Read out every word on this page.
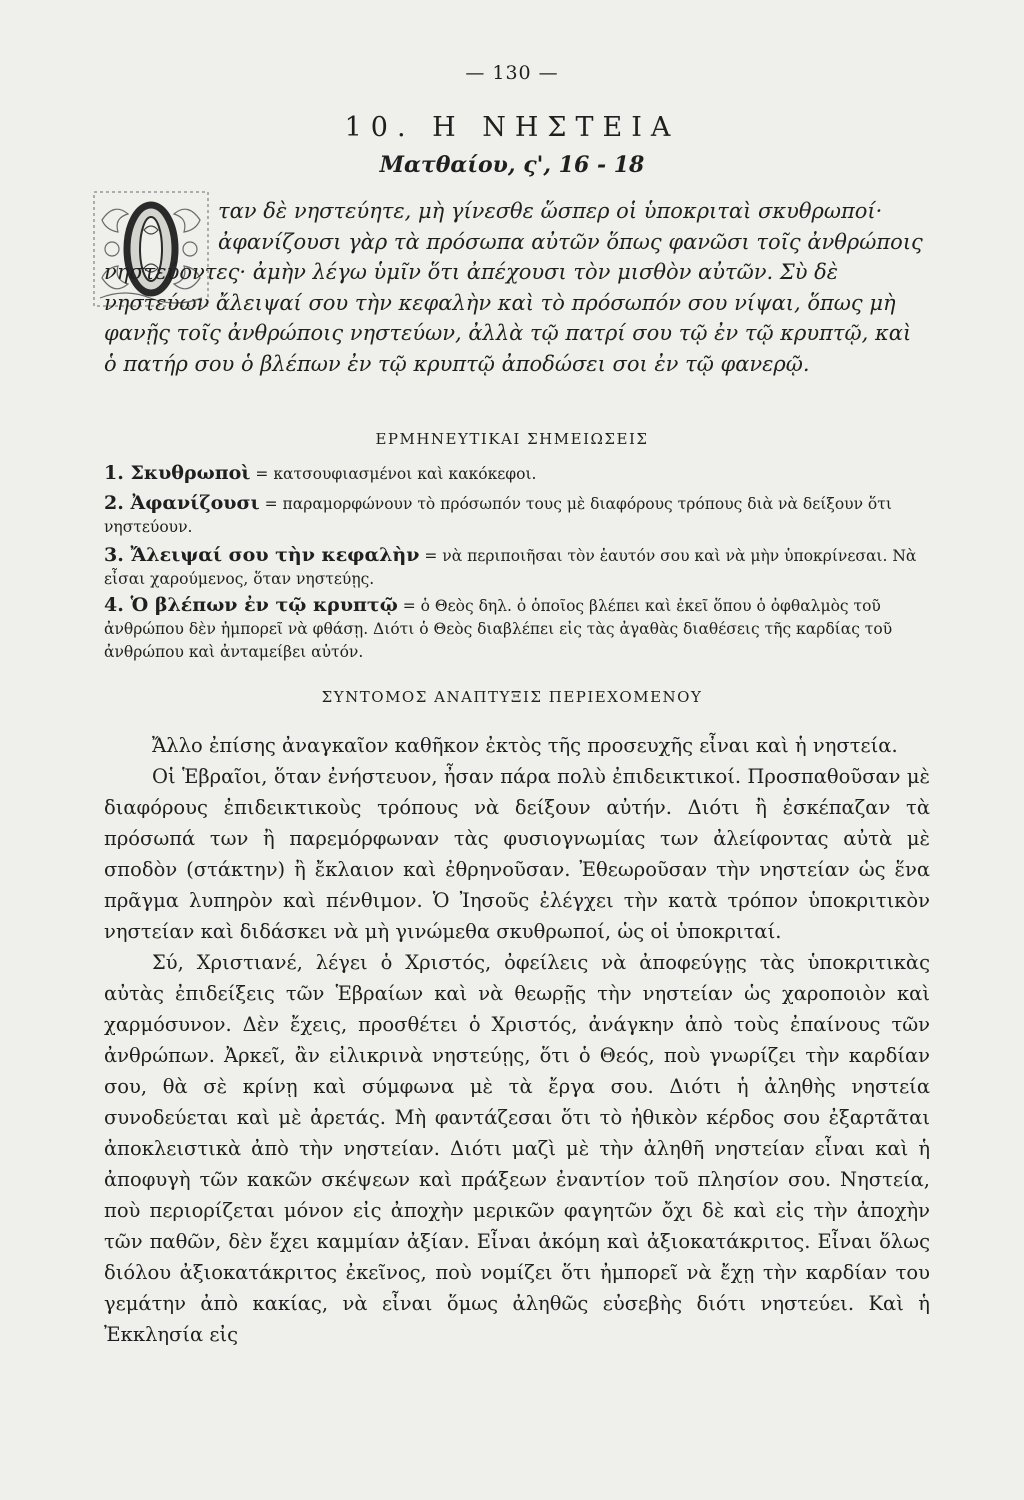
— 130 —
10. Η ΝΗΣΤΕΙΑ
Ματθαίου, ς', 16 - 18
ταν δὲ νηστεύητε, μὴ γίνεσθε ὥσπερ οἱ ὑποκριταὶ σκυθρωποί·
ἀφανίζουσι γὰρ τὰ πρόσωπα αὐτῶν ὅπως φανῶσι τοῖς ἀνθρώποις νηστεύοντες· ἀμὴν λέγω ὑμῖν ὅτι ἀπέχουσι τὸν μισθὸν αὐτῶν. Σὺ δὲ νηστεύων ἄλειψαί σου τὴν κεφαλὴν καὶ τὸ πρόσωπόν σου νίψαι, ὅπως μὴ φανῇς τοῖς ἀνθρώποις νηστεύων, ἀλλὰ τῷ πατρί σου τῷ ἐν τῷ κρυπτῷ, καὶ ὁ πατήρ σου ὁ βλέπων ἐν τῷ κρυπτῷ ἀποδώσει σοι ἐν τῷ φανερῷ.
ΕΡΜΗΝΕΥΤΙΚΑΙ ΣΗΜΕΙΩΣΕΙΣ
1. Σκυθρωποὶ = κατσουφιασμένοι καὶ κακόκεφοι.
2. Ἀφανίζουσι = παραμορφώνουν τὸ πρόσωπόν τους μὲ διαφόρους τρόπους διὰ νὰ δείξουν ὅτι νηστεύουν.
3. Ἄλειψαί σου τὴν κεφαλὴν = νὰ περιποιῆσαι τὸν ἑαυτόν σου καὶ νὰ μὴν ὑποκρίνεσαι. Νὰ εἶσαι χαρούμενος, ὅταν νηστεύῃς.
4. Ὁ βλέπων ἐν τῷ κρυπτῷ = ὁ Θεὸς δηλ. ὁ ὁποῖος βλέπει καὶ ἐκεῖ ὅπου ὁ ὀφθαλμὸς τοῦ ἀνθρώπου δὲν ἠμπορεῖ νὰ φθάσῃ. Διότι ὁ Θεὸς διαβλέπει εἰς τὰς ἀγαθὰς διαθέσεις τῆς καρδίας τοῦ ἀνθρώπου καὶ ἀνταμείβει αὐτόν.
ΣΥΝΤΟΜΟΣ ΑΝΑΠΤΥΞΙΣ ΠΕΡΙΕΧΟΜΕΝΟΥ

Ἄλλο ἐπίσης ἀναγκαῖον καθῆκον ἐκτὸς τῆς προσευχῆς εἶναι καὶ ἡ νηστεία.

Οἱ Ἑβραῖοι, ὅταν ἐνήστευον, ἦσαν πάρα πολὺ ἐπιδεικτικοί. Προσπαθοῦσαν μὲ διαφόρους ἐπιδεικτικοὺς τρόπους νὰ δείξουν αὐτήν. Διότι ἢ ἐσκέπαζαν τὰ πρόσωπά των ἢ παρεμόρφωναν τὰς φυσιογνωμίας των ἀλείφοντας αὐτὰ μὲ σποδὸν (στάκτην) ἢ ἔκλαιον καὶ ἐθρηνοῦσαν. Ἐθεωροῦσαν τὴν νηστείαν ὡς ἕνα πρᾶγμα λυπηρὸν καὶ πένθιμον. Ὁ Ἰησοῦς ἐλέγχει τὴν κατὰ τρόπον ὑποκριτικὸν νηστείαν καὶ διδάσκει νὰ μὴ γινώμεθα σκυθρωποί, ὡς οἱ ὑποκριταί.

Σύ, Χριστιανέ, λέγει ὁ Χριστός, ὀφείλεις νὰ ἀποφεύγῃς τὰς ὑποκριτικὰς αὐτὰς ἐπιδείξεις τῶν Ἑβραίων καὶ νὰ θεωρῇς τὴν νηστείαν ὡς χαροποιὸν καὶ χαρμόσυνον. Δὲν ἔχεις, προσθέτει ὁ Χριστός, ἀνάγκην ἀπὸ τοὺς ἐπαίνους τῶν ἀνθρώπων. Ἀρκεῖ, ἂν εἰλικρινὰ νηστεύῃς, ὅτι ὁ Θεός, ποὺ γνωρίζει τὴν καρδίαν σου, θὰ σὲ κρίνῃ καὶ σύμφωνα μὲ τὰ ἔργα σου. Διότι ἡ ἀληθὴς νηστεία συνοδεύεται καὶ μὲ ἀρετάς. Μὴ φαντάζεσαι ὅτι τὸ ἠθικὸν κέρδος σου ἐξαρτᾶται ἀποκλειστικὰ ἀπὸ τὴν νηστείαν. Διότι μαζὶ μὲ τὴν ἀληθῆ νηστείαν εἶναι καὶ ἡ ἀποφυγὴ τῶν κακῶν σκέψεων καὶ πράξεων ἐναντίον τοῦ πλησίον σου. Νηστεία, ποὺ περιορίζεται μόνον εἰς ἀποχὴν μερικῶν φαγητῶν ὄχι δὲ καὶ εἰς τὴν ἀποχὴν τῶν παθῶν, δὲν ἔχει καμμίαν ἀξίαν. Εἶναι ἀκόμη καὶ ἀξιοκατάκριτος. Εἶναι ὅλως διόλου ἀξιοκατάκριτος ἐκεῖνος, ποὺ νομίζει ὅτι ἠμπορεῖ νὰ ἔχῃ τὴν καρδίαν του γεμάτην ἀπὸ κακίας, νὰ εἶναι ὅμως ἀληθῶς εὐσεβὴς διότι νηστεύει. Καὶ ἡ Ἐκκλησία εἰς
